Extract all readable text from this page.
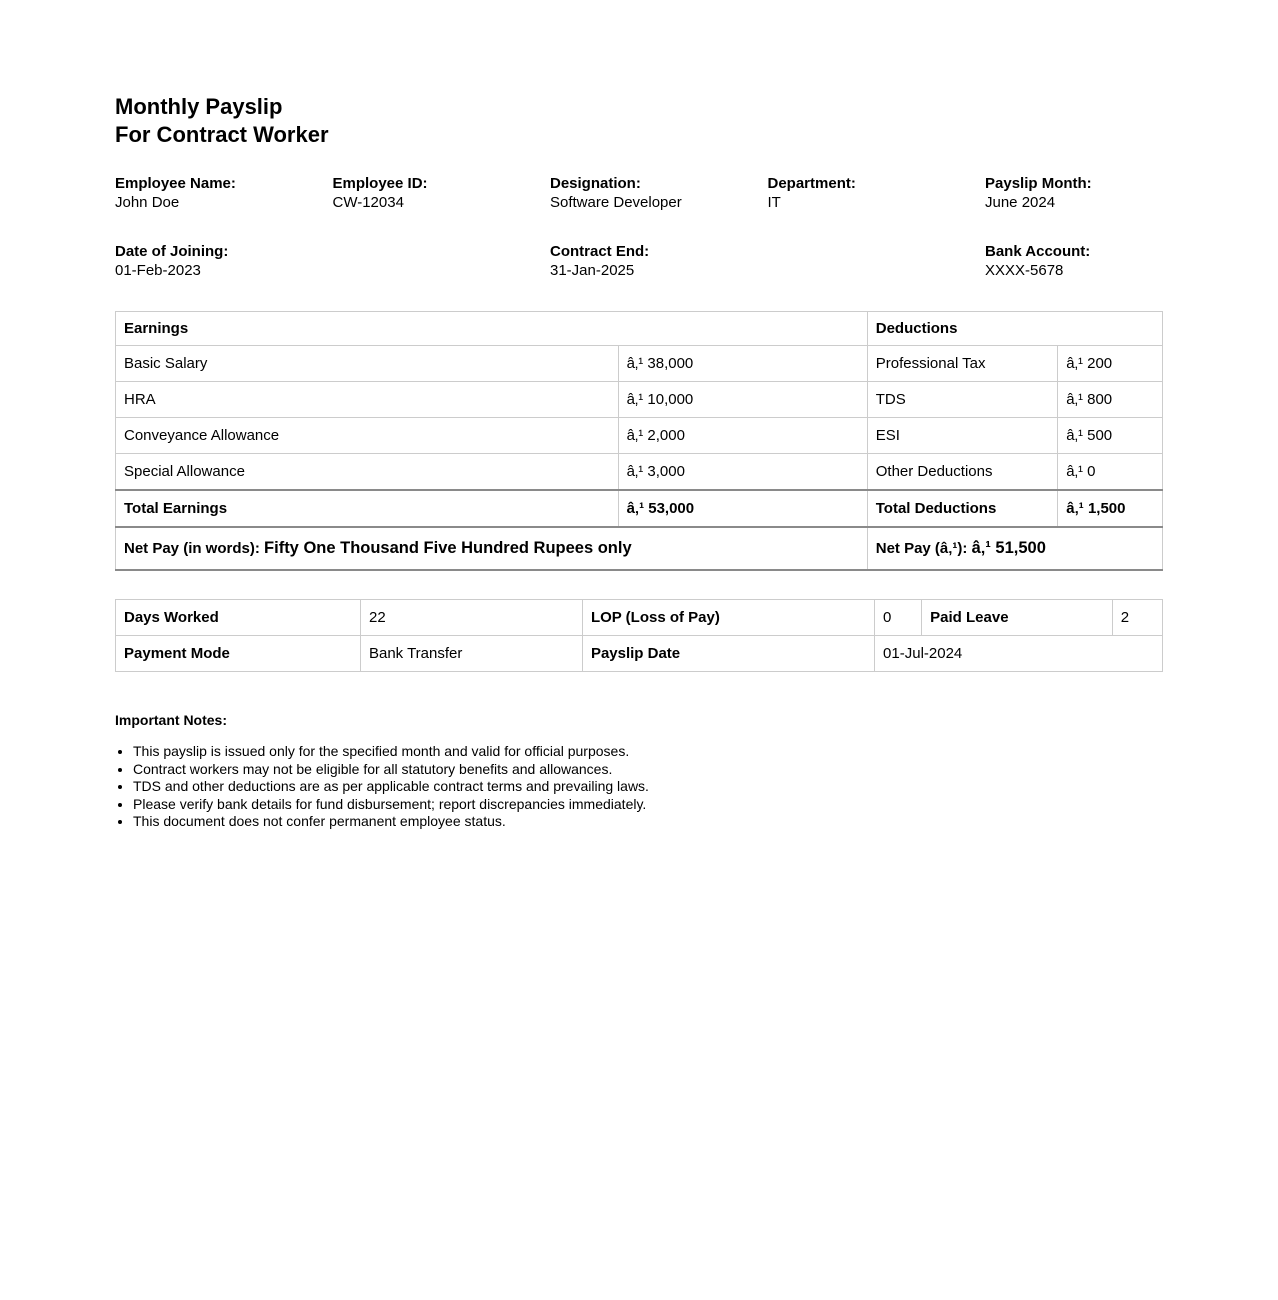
Monthly Payslip
For Contract Worker
Employee Name:
John Doe
Employee ID:
CW-12034
Designation:
Software Developer
Department:
IT
Payslip Month:
June 2024
Date of Joining:
01-Feb-2023
Contract End:
31-Jan-2025
Bank Account:
XXXX-5678
Earnings		Deductions	
Basic Salary	â‚¹ 38,000	Professional Tax	â‚¹ 200
HRA	â‚¹ 10,000	TDS	â‚¹ 800
Conveyance Allowance	â‚¹ 2,000	ESI	â‚¹ 500
Special Allowance	â‚¹ 3,000	Other Deductions	â‚¹ 0
Total Earnings	â‚¹ 53,000	Total Deductions	â‚¹ 1,500
Net Pay (in words): Fifty One Thousand Five Hundred Rupees only		Net Pay (â‚¹): â‚¹ 51,500	
Days Worked	22	LOP (Loss of Pay)	0	Paid Leave	2
Payment Mode	Bank Transfer	Payslip Date	01-Jul-2024		
Important Notes:
• This payslip is issued only for the specified month and valid for official purposes.
• Contract workers may not be eligible for all statutory benefits and allowances.
• TDS and other deductions are as per applicable contract terms and prevailing laws.
• Please verify bank details for fund disbursement; report discrepancies immediately.
• This document does not confer permanent employee status.
